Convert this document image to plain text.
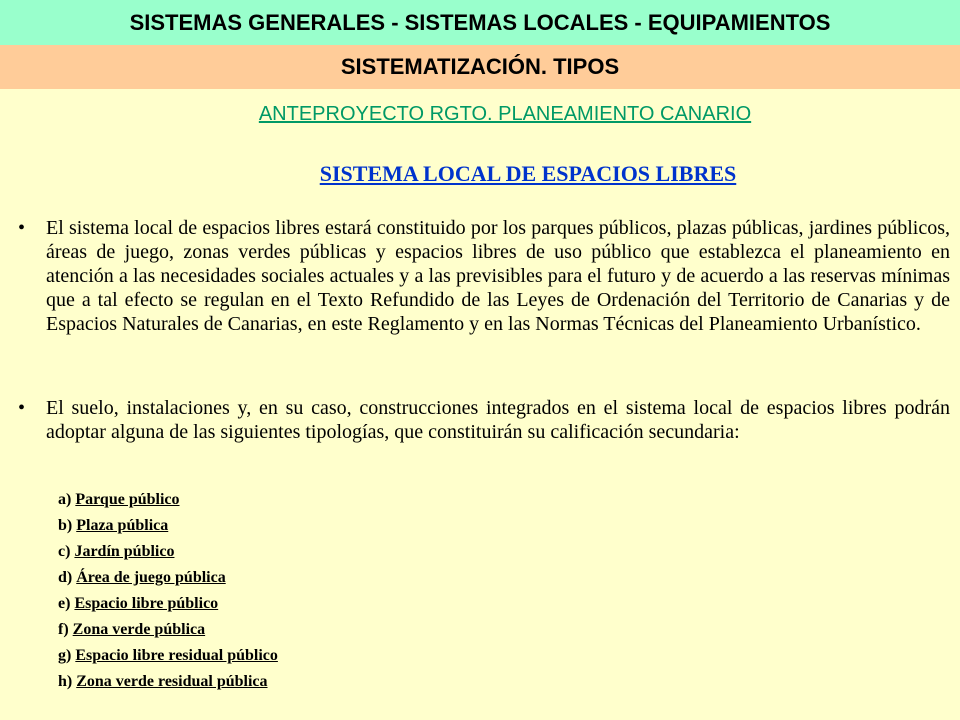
SISTEMAS GENERALES - SISTEMAS LOCALES - EQUIPAMIENTOS
SISTEMATIZACIÓN. TIPOS
ANTEPROYECTO RGTO. PLANEAMIENTO CANARIO
SISTEMA LOCAL DE ESPACIOS LIBRES
•	El sistema local de espacios libres estará constituido por los parques públicos, plazas públicas, jardines públicos, áreas de juego, zonas verdes públicas y espacios libres de uso público que establezca el planeamiento en atención a las necesidades sociales actuales y a las previsibles para el futuro y de acuerdo a las reservas mínimas que a tal efecto se regulan en el Texto Refundido de las Leyes de Ordenación del Territorio de Canarias y de Espacios Naturales de Canarias, en este Reglamento y en las Normas Técnicas del Planeamiento Urbanístico.
•	El suelo, instalaciones y, en su caso, construcciones integrados en el sistema local de espacios libres podrán adoptar alguna de las siguientes tipologías, que constituirán su calificación secundaria:
a) Parque público
b) Plaza pública
c) Jardín público
d) Área de juego pública
e) Espacio libre público
f) Zona verde pública
g) Espacio libre residual público
h) Zona verde residual pública
